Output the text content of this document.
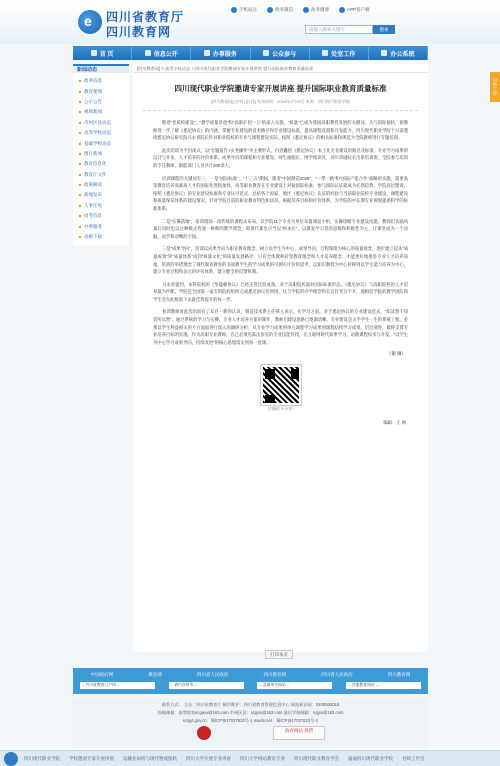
e 四川省教育厅
四川教育网
手机站点	政务微信	政务微博	APP客户端
请输入搜索关键字	搜索
首 页	信息公开	办事服务	公众参与	处室工作	办公系统
对外工作
新闻动态
政务信息
教育要闻
公示公告
视频新闻
市州区县动态
高等学校动态
基础学校动态
图片新闻
教育信息化
教育厅文件
政策解读
新闻发布
人事任免
招考信息
办事服务
表格下载
[四川教育网] > 高等学校动态 > 四川现代职业学院邀请专家开展讲座 提升国际职业教育质量标准
四川现代职业学院邀请专家开展讲座 提升国际职业教育质量标准
[四川教育网] [字体] [打印] 发布时间：2018年4月26日 来源：四川现代职业学院

随着“优质校建设”、“教学质量诊改”和“高职扩招一万”的深入实施，“质量”已成为我国高职教育发展的关键词。为与国际接轨，使教师进一步了解《悉尼协议》的内涵，掌握专业建设的技术路径和专业建设标准，提高课程设置和开发能力，四川现代职业学院于日前邀请悉尼协议研究院马永青院长针对职业院校的专业与课程建设实际，按照《悉尼协议》的相关标准和规范为全院教师进行专题培训。

此次培训为半封闭式，以“专题报告+实务操作”为主要形式，内容囊括《悉尼协议》本土化专业建设的路径及标准、专业学习成果的设计与开发、人才培养的评价体系、成果导向的课程和专业建设、师生画脱长、网学阅读反、刘川章副院长出席培训班，全院参与培训的专任教师、职能部门人员共计200余人。

培训课程的关键词有三，一是“国际标准”。“十三五”期间，随着“中国制造2025”、“一带一路”和“国际产能合作”战略的实施，需要高等教育培养高素质人才的国际化进程加快。高等职业教育在专业建设上对接国际标准，参与国际认证就成为必然趋势。学院高层邀请，按照《悉尼协议》的专业建设标准和专业认可范式、总结各个国家、地区《悉尼协议》认证的经验与当前职业院校专业建设、课程建设和质量保证体系的建设情况，针对学院目前的职业教育特色和状况，根据培养目标和评价体系，为学院的中长期专业规划提供科学的标准体系。

二是“实操落地”，培训现场一改传统的课程式布局，以学院11个专业为单位布置课桌小组，实操诊断专业建设问题，教师们头脑风暴后同时也以这种模式传递一种新的教学理念，即现代课堂应当以“师本位”，以激发学习者的思维和积极性为主，让课堂成为一个动脑、动手和动嘴的空间。

三是“成果导向”。培训以成果导向为职业教育理念，树立以学生为中心、成果导向、过程保障为核心的质量观念，逐步建立起从“质量成果”到“质量体系”再到“质量文化”的质量发展路径；只有全体教师转变教育理念和人才培养理念，才能更好地推进专业人才培养质量。培训的举措理念了现代职业教育的多项教学生的学习成果的可测可评价的思考，以知识教授为中心转移到以学生能力培养为中心，建立专业过程和多元的评价体系，建立健全的反馈机制。

马永青提到，本科院校的《华盛顿协议》已经走得比较成熟，对于高职院校面对国际标准形态，《悉尼协议》与高职院校的人才培养最为匹配。学院是全国第一家专科院校组织完成悉尼协议培训班，这与学院的办学理念和长远目光分不开，他相信学院的教学团队和学生会在此框架下去最佳我提升的每一步。

参训教师对此次培训有了耳目一新的认识，制造技术系主任韩立表示，在学习之前，对于悉尼协议的专业建设范式，“知其然不知其所以然”，通过系统的学习与实操，专业人才培养方案的制作，教师们建设思路已逐渐清晰。专业建设是关乎学生一生的系统工程，必须以学生利益相关的方方面面进行深入的调研分析，从专业学习成果到单元课程学习成果到课程结构学习成果，层层递进，最终支撑专业培养目标的实现。作为高职专业教师，自己必须先陈出原有的专业技能传授，在互联网时代如果学习，站随课程权术与开发，“以学生为中心学习成果导向，持续改进”的核心思想落实到每一堂课。

（谢 琳）
（扫描打开分享）
编辑：王 帅
打印本页
中国政府网	教育部	四川省人民政府	四川教育网	四川省人民政府	四川教育网
-- 共川省教育门户网 --	-- 省内各州市 --	-- 直属单位网站 --	-- 其他教育网站 --
联系方式： 主办：四川省教育厅 制作维护：四川省教育管理信息中心 网站标识码：5100000016
投稿邮箱：高等院校scgaxx@163.com 市州区县：scjyxx@163.com 基层学校邮箱：scjjxx@163.com
scsjyt.gov.cn：蜀ICP备17037623号-1 scedu.net：蜀ICP备17037623号-1
政府网站 找错
四川现代职业学院 学校邀请专家开展讲座 运输业如何与现代物流接轨 四川大学开展专业讲座 四川大学网站教育专业 四川现代职业教育学会 遍通四川现代职业学校 名师工作室
